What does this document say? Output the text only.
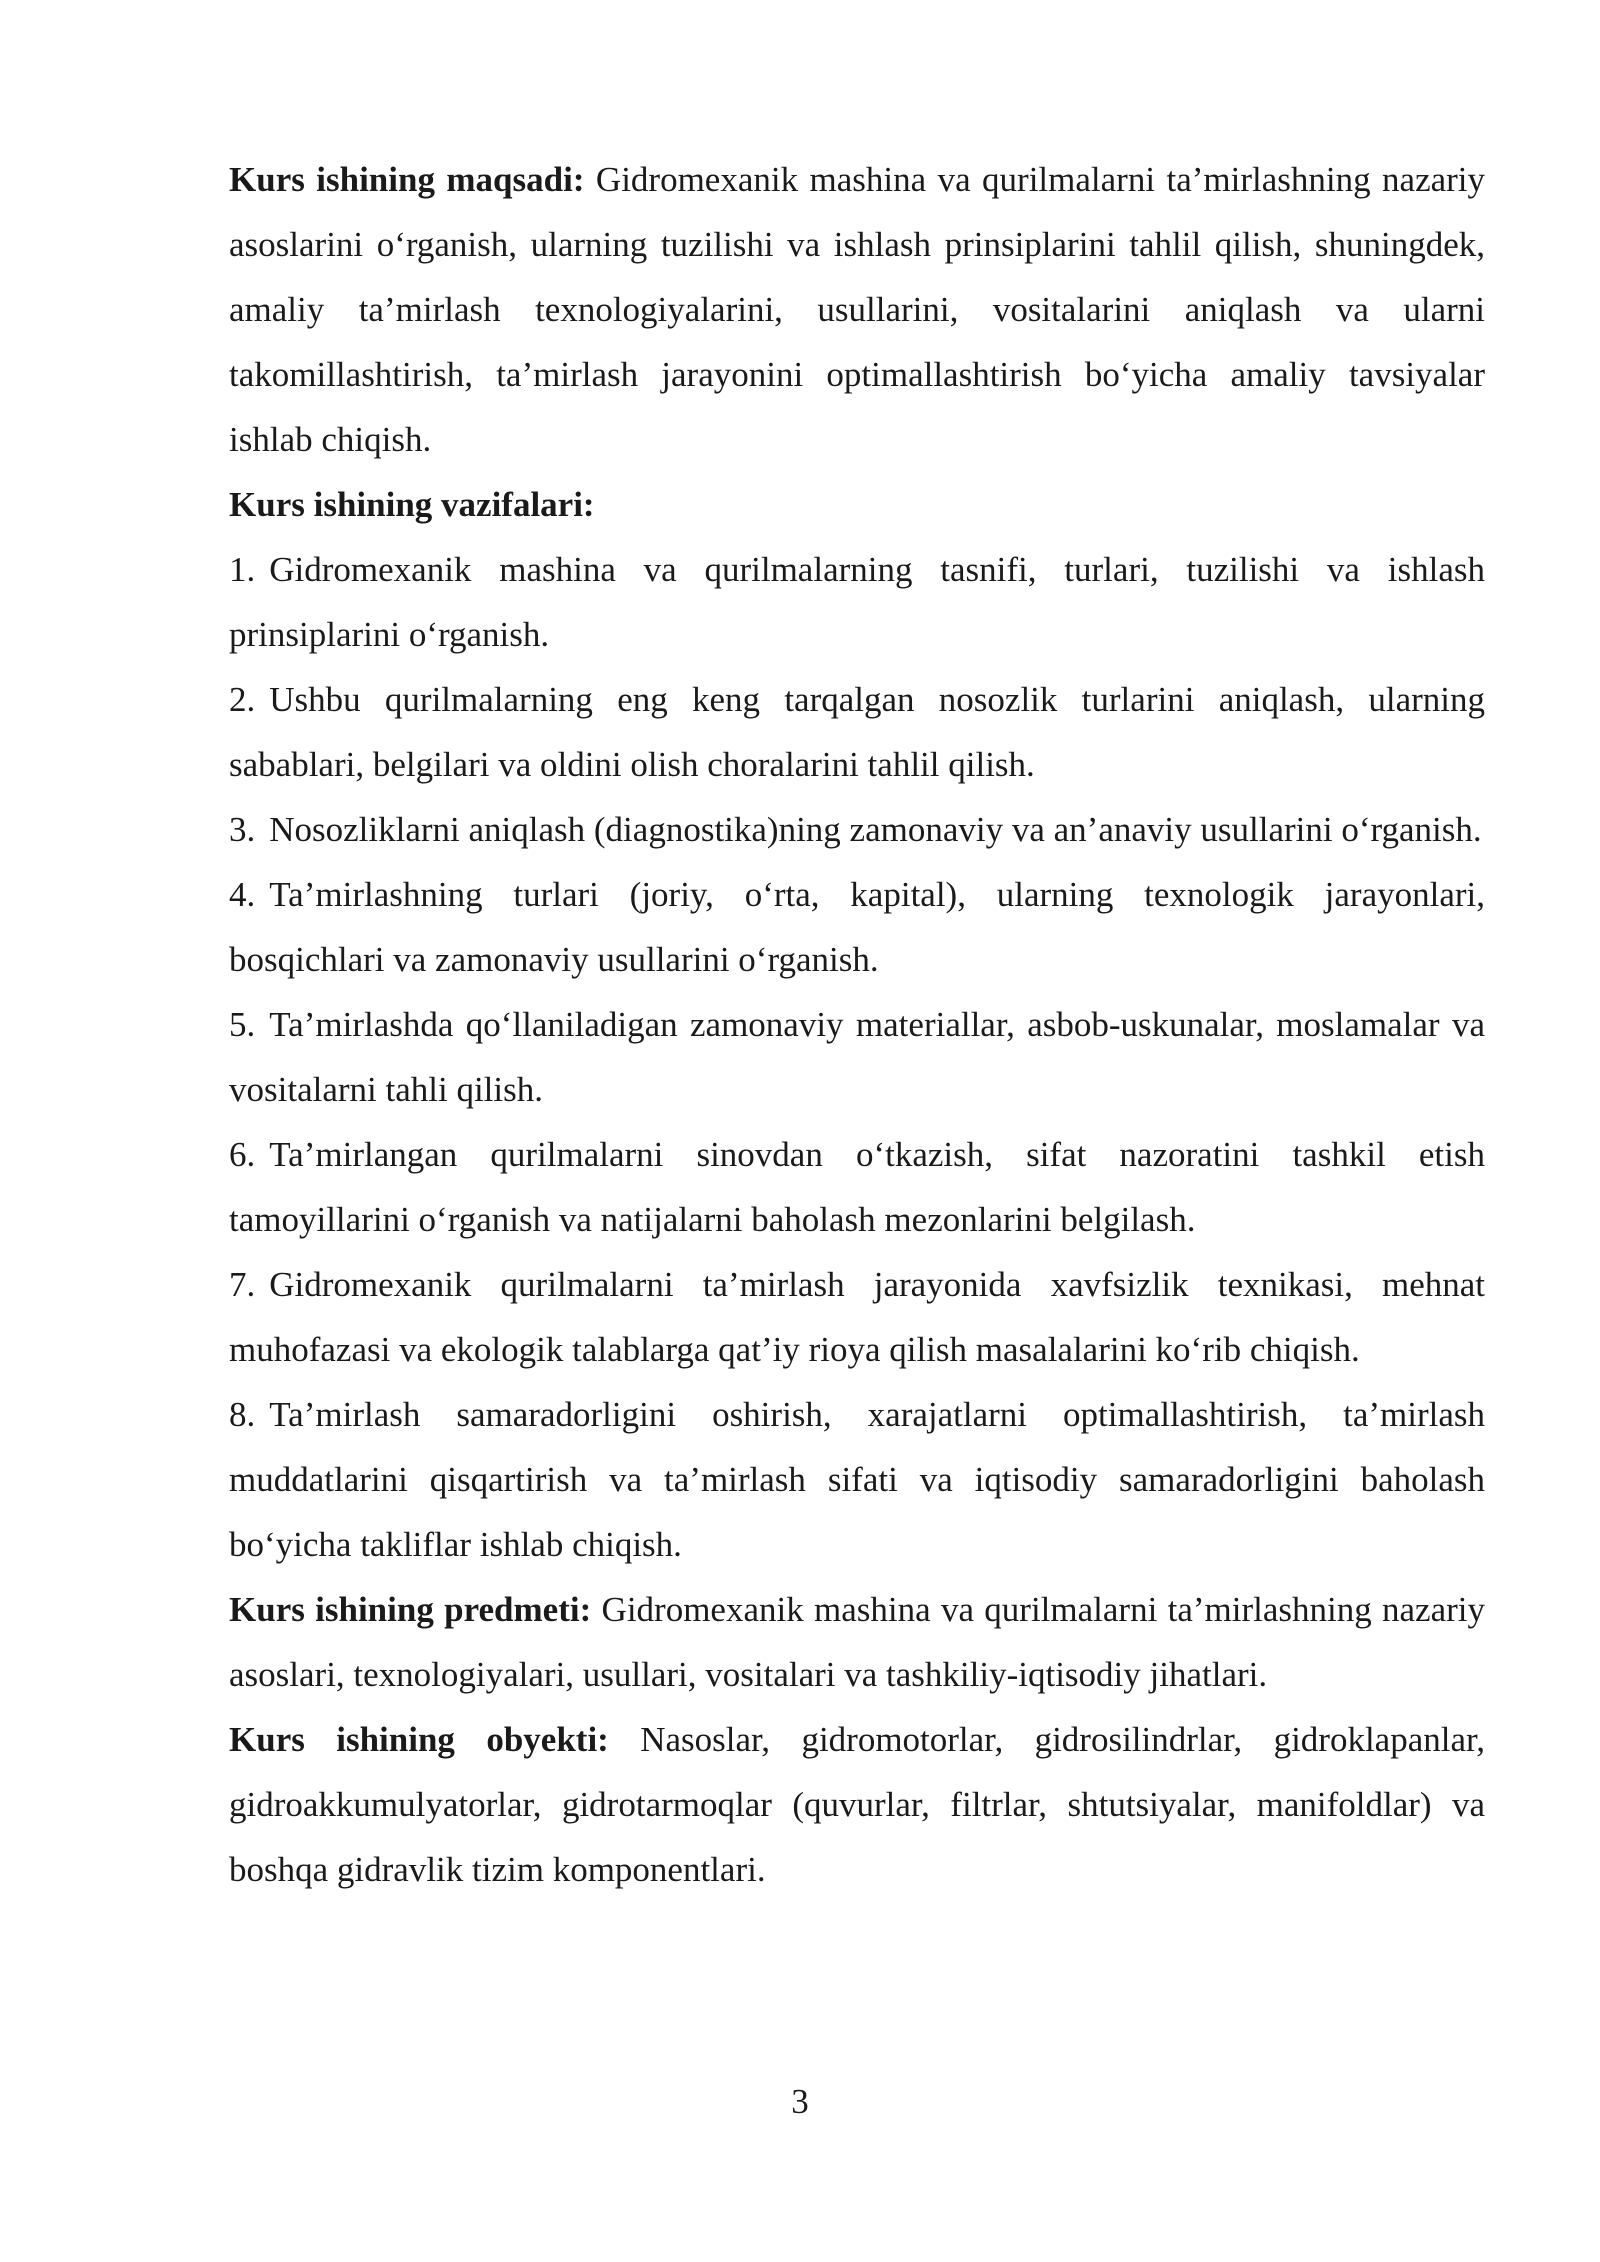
Kurs ishining maqsadi: Gidromexanik mashina va qurilmalarni ta’mirlashning nazariy asoslarini o‘rganish, ularning tuzilishi va ishlash prinsiplarini tahlil qilish, shuningdek, amaliy ta’mirlash texnologiyalarini, usullarini, vositalarini aniqlash va ularni takomillashtirish, ta’mirlash jarayonini optimallashtirish bo‘yicha amaliy tavsiyalar ishlab chiqish.

Kurs ishining vazifalari:

1. Gidromexanik mashina va qurilmalarning tasnifi, turlari, tuzilishi va ishlash prinsiplarini o‘rganish.

2. Ushbu qurilmalarning eng keng tarqalgan nosozlik turlarini aniqlash, ularning sabablari, belgilari va oldini olish choralarini tahlil qilish.

3. Nosozliklarni aniqlash (diagnostika)ning zamonaviy va an’anaviy usullarini o‘rganish.

4. Ta’mirlashning turlari (joriy, o‘rta, kapital), ularning texnologik jarayonlari, bosqichlari va zamonaviy usullarini o‘rganish.

5. Ta’mirlashda qo‘llaniladigan zamonaviy materiallar, asbob-uskunalar, moslamalar va vositalarni tahli qilish.

6. Ta’mirlangan qurilmalarni sinovdan o‘tkazish, sifat nazoratini tashkil etish tamoyillarini o‘rganish va natijalarni baholash mezonlarini belgilash.

7. Gidromexanik qurilmalarni ta’mirlash jarayonida xavfsizlik texnikasi, mehnat muhofazasi va ekologik talablarga qat’iy rioya qilish masalalarini ko‘rib chiqish.

8. Ta’mirlash samaradorligini oshirish, xarajatlarni optimallashtirish, ta’mirlash muddatlarini qisqartirish va ta’mirlash sifati va iqtisodiy samaradorligini baholash bo‘yicha takliflar ishlab chiqish.

Kurs ishining predmeti: Gidromexanik mashina va qurilmalarni ta’mirlashning nazariy asoslari, texnologiyalari, usullari, vositalari va tashkiliy-iqtisodiy jihatlari.

Kurs ishining obyekti: Nasoslar, gidromotorlar, gidrosilindrlar, gidroklapanlar, gidroakkumulyatorlar, gidrotarmoqlar (quvurlar, filtrlar, shtutsiyalar, manifoldlar) va boshqa gidravlik tizim komponentlari.

3
